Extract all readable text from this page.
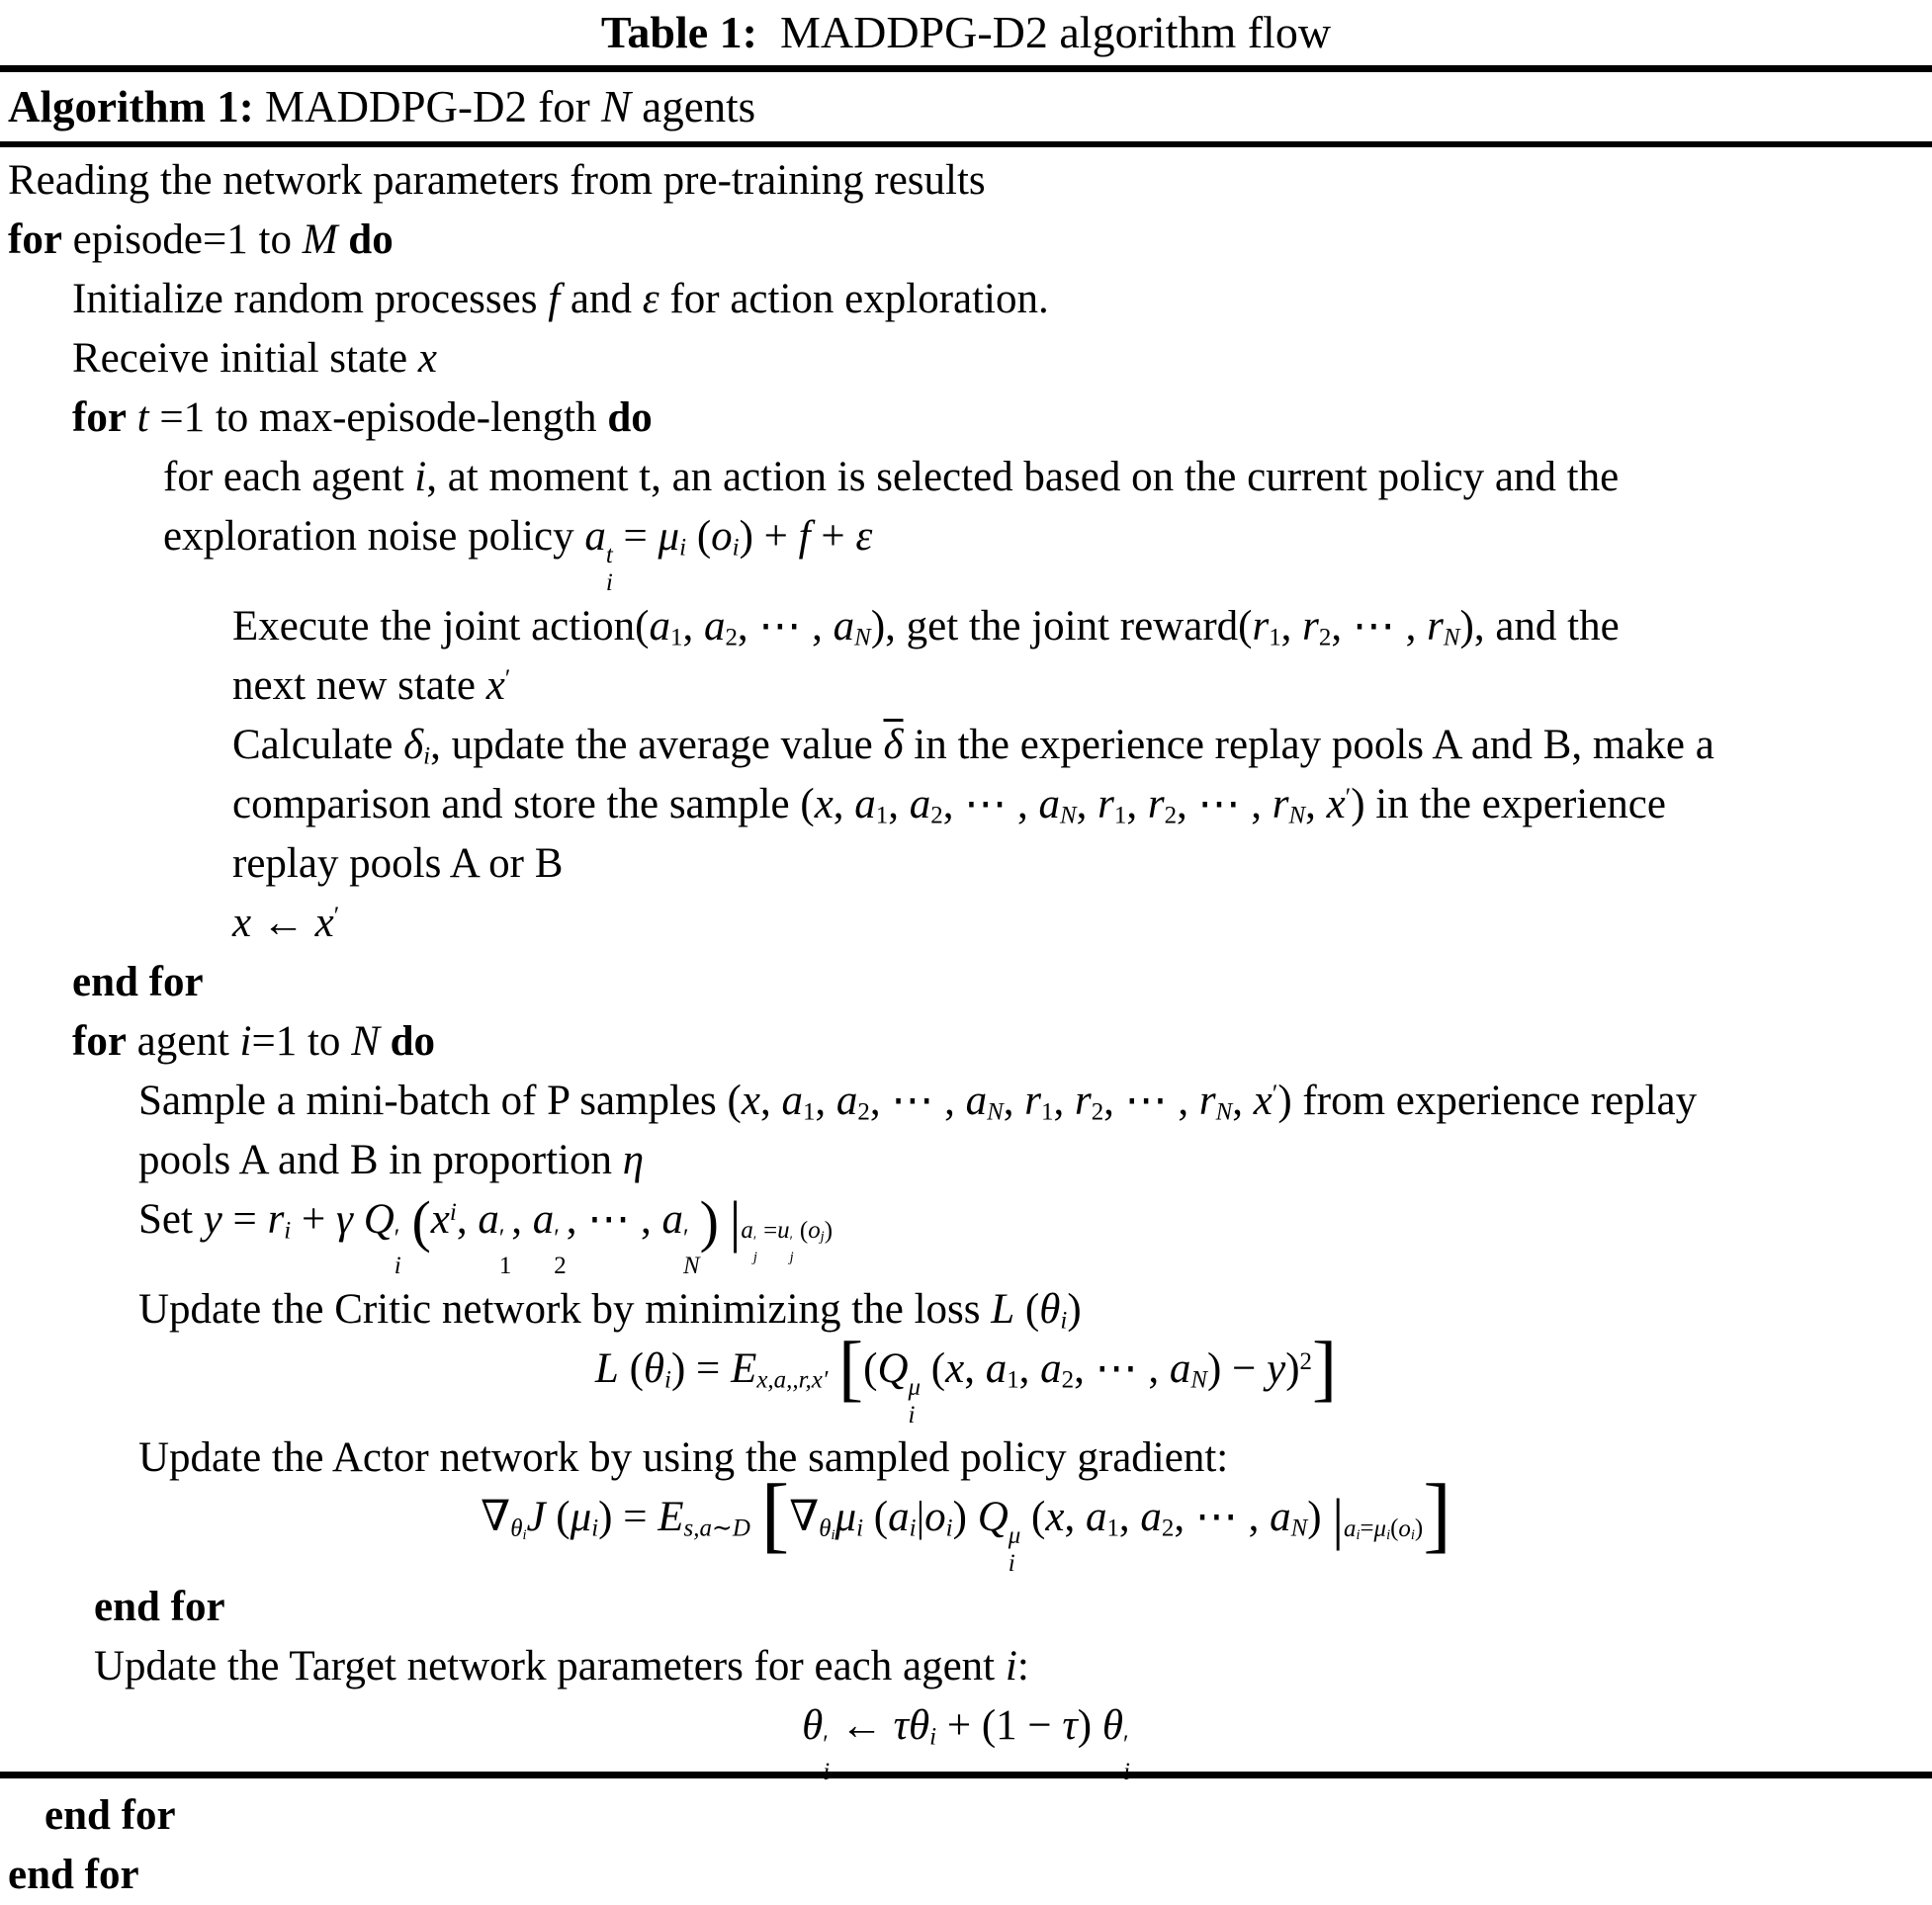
Table 1:  MADDPG-D2 algorithm flow
Algorithm 1: MADDPG-D2 for N agents
Reading the network parameters from pre-training results
for episode=1 to M do
Initialize random processes f and ε for action exploration.
Receive initial state x
for t =1 to max-episode-length do
for each agent i, at moment t, an action is selected based on the current policy and the
exploration noise policy a t
i
= $\mu_i$ $(o_i) + f + \varepsilon$
Execute the joint $action(a_1$, $a_2$, ⋯ , $a_N$), get the joint $reward(r_1$, $r_2$, ⋯ , $r_N$), and the
next new state x′
Calculate $\delta_i$, update the average value $\overline{\delta}$ in the experience replay pools A and B, make a
comparison and store the sample (x, $a_1$, $a_2$, ⋯ , $a_N$, $r_1$, $r_2$, ⋯ , $r_N$, x′) in the experience
replay pools A or B
x ← x′
end for
for agent i=1 to N do
Sample a mini-batch of P samples (x, $a_1$, $a_2$, ⋯ , $a_N$, $r_1$, $r_2$, ⋯ , $r_N$, x′) from experience replay
pools A and B in proportion η
Set $y = r_i + \gamma$ Q ′
i
($x^i$, a ′
1
, a ′
2
, ⋯ , a ′
N
) $|_{a ' j =u ' j (o_j)}$
Update the Critic network by minimizing the loss L $(\theta_i)$
L $(\theta_i) = E_{x,a,,r,x'}$ [(Q μ
i
(x, $a_1$, $a_2$, ⋯ , $a_N) - y)^2$]
Update the Actor network by using the sampled policy gradient:
$\nabla_{\theta_i}J$ $(\mu_i) = E_{s,a\sim D}$ [$\nabla_{\theta_i}\mu_i$ $(a_i|o_i)$ Q μ
i
(x, $a_1$, $a_2$, ⋯ , $a_N$) $|_{a_i=\mu_i(o_i)}$]
end for
Update the Target network parameters for each agent i:
θ ′ ← $\tau\theta_i + (1 - \tau)$ θ ′
end for
end for
